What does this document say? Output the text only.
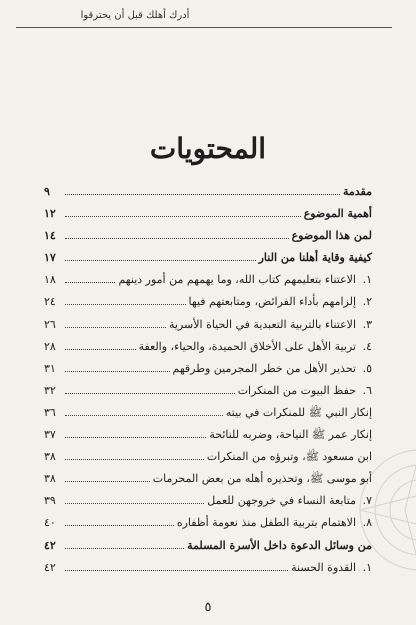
أدرك أهلك قبل أن يحترقوا
المحتويات
مقدمة
٩
أهمية الموضوع
١٢
لمن هذا الموضوع
١٤
كيفية وقاية أهلنا من النار
١٧
١.
الاعتناء بتعليمهم كتاب الله، وما يهمهم من أمور دينهم
١٨
٢.
إلزامهم بأداء الفرائض، ومتابعتهم فيها
٢٤
٣.
الاعتناء بالتربية التعبدية في الحياة الأسرية
٢٦
٤.
تربية الأهل على الأخلاق الحميدة، والحياء، والعفة
٢٨
٥.
تحذير الأهل من خطر المجرمين وطرقهم
٣١
٦.
حفظ البيوت من المنكرات
٣٢
إنكار النبي ﷺ للمنكرات في بيته
٣٦
إنكار عمر ﷺ النياحة، وضربه للنائحة
٣٧
ابن مسعود ﷺ، وتبرؤه من المنكرات
٣٨
أبو موسى ﷺ، وتحذيره أهله من بعض المحرمات
٣٨
٧.
متابعة النساء في خروجهن للعمل
٣٩
٨.
الاهتمام بتربية الطفل منذ نعومة أظفاره
٤٠
من وسائل الدعوة داخل الأسرة المسلمة
٤٢
١.
القدوة الحسنة
٤٢
٥
